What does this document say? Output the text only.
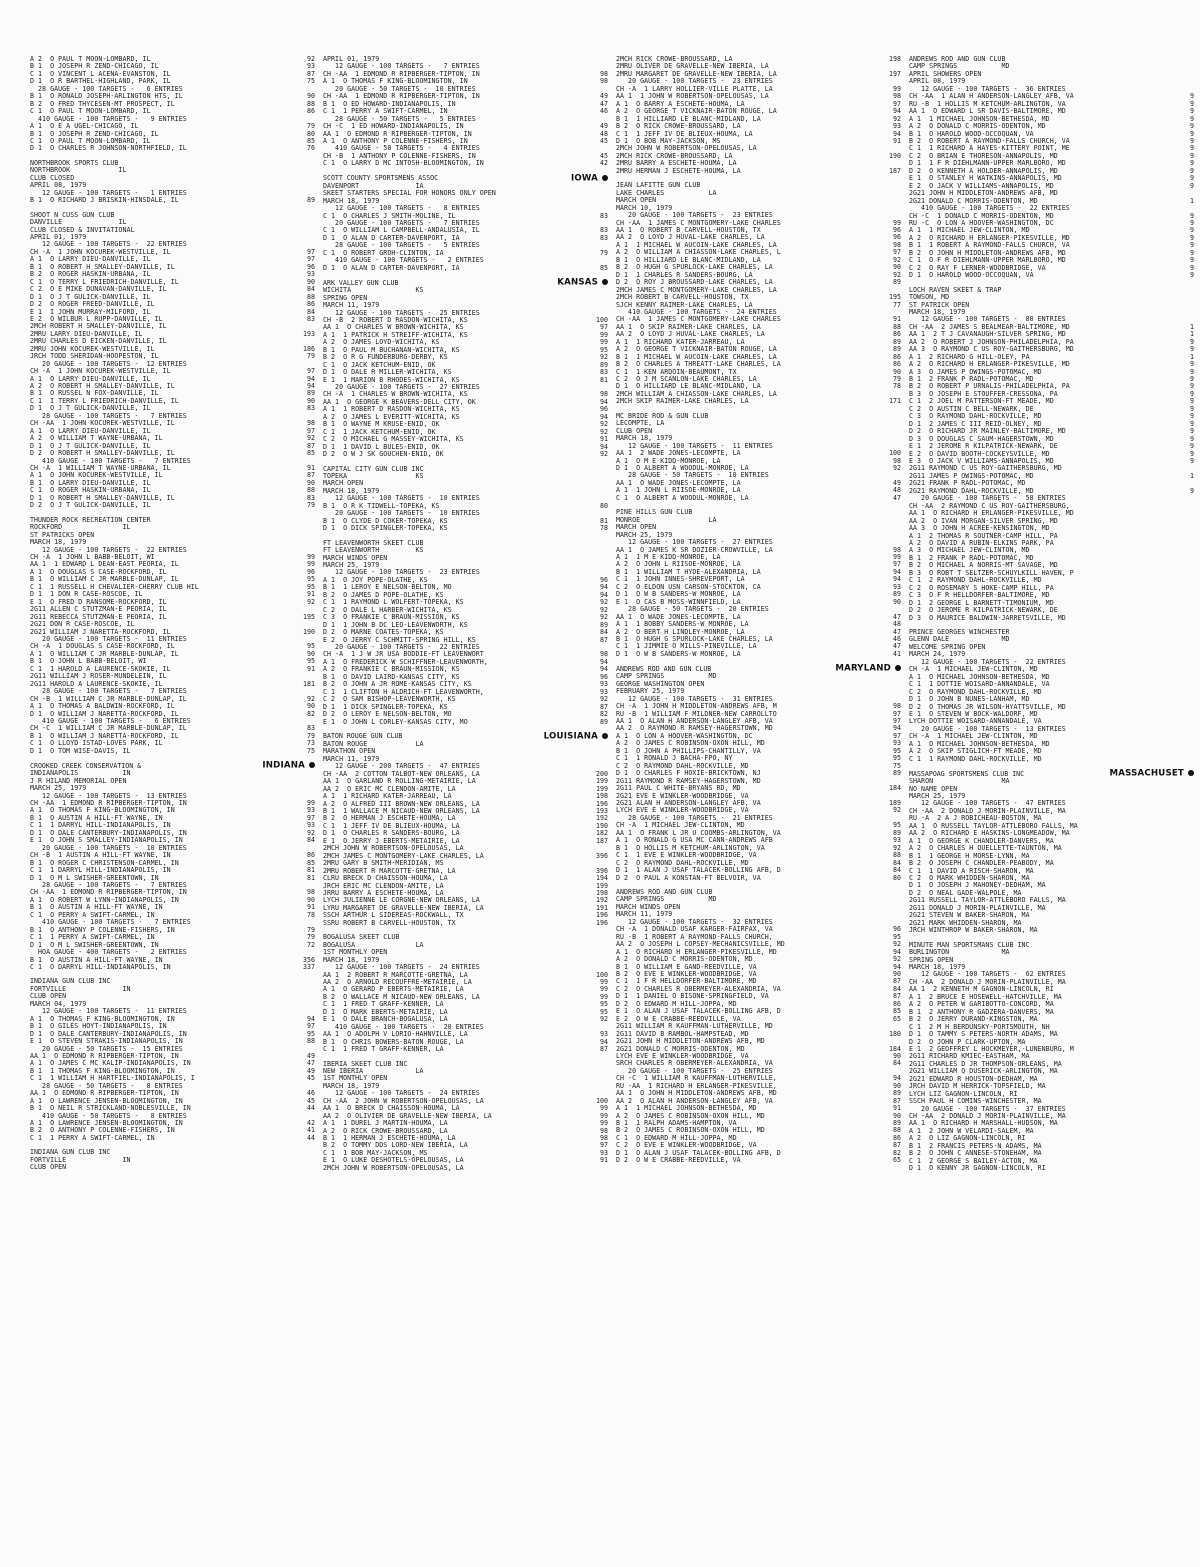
A 2  O PAUL T MOON-LOMBARD, IL	92
B 1  O JOSEPH R ZEND-CHICAGO, IL	93
C 1  O VINCENT L ACENA-EVANSTON, IL	87
D 1  O R BARTHEL-HIGHLAND, PARK, IL	75
28 GAUGE - 100 TARGETS -   6 ENTRIES
B 1  O RONALD JOSEPH-ARLINGTON HTS, IL	90
B 2  O FRED THYCESEN-MT PROSPECT, IL	88
C 1  O PAUL T MOON-LOMBARD, IL	86
410 GAUGE - 100 TARGETS -   9 ENTRIES
A 1  O E A UGEL-CHICAGO, IL	79
B 1  O JOSEPH R ZEND-CHICAGO, IL	80
C 1  O PAUL T MOON-LOMBARD, IL	85
D 1  O CHARLES R JOHNSON-NORTHFIELD, IL	76
NORTHBROOK SPORTS CLUB
NORTHBROOK            IL
CLUB CLOSED
APRIL 08, 1979
12 GAUGE - 100 TARGETS -   1 ENTRIES
B 1  O RICHARD J BRISKIN-HINSDALE, IL	89
SHOOT N CUSS GUN CLUB
DANVILLE              IL
CLUB CLOSED & INVITATIONAL
APRIL 01, 1979
12 GAUGE - 100 TARGETS -  22 ENTRIES
CH -A  1 JOHN KOCUREK-WESTVILLE, IL	97
A 1  O LARRY DIEU-DANVILLE, IL	97
B 1  O ROBERT H SMALLEY-DANVILLE, IL	96
B 2  O ROGER HASKIN-URBANA, IL	93
C 1  O TERRY L FRIEDRICH-DANVILLE, IL	90
C 2  O E MIKE DUNAVAN-DANVILLE, IL	84
D 1  O J T GULICK-DANVILLE, IL	88
D 2  O ROGER FREED-DANVILLE, IL	86
E 1  I JOHN MURRAY-MILFORD, IL	84
E 2  O WILBUR L RUPP-DANVILLE, IL	83
2MCH ROBERT H SMALLEY-DANVILLE, IL
2MRU LARRY DIEU-DANVILLE, IL	193
2MRU CHARLES D EICKEN-DANVILLE, IL
2MRU JOHN KOCUREK-WESTVILLE, IL	186
JRCH TODD SHERIDAN-HOOPESTON, IL	79
20 GAUGE - 100 TARGETS -  12 ENTRIES
CH -A  1 JOHN KOCUREK-WESTVILLE, IL	97
A 1  O LARRY DIEU-DANVILLE, IL	94
A 2  O ROBERT H SMALLEY-DANVILLE, IL	94
B 1  O RUSSEL N FOX-DANVILLE, IL	89
C 1  I TERRY L FRIEDRICH-DANVILLE, IL	90
D 1  O J T GULICK-DANVILLE, IL	83
28 GAUGE - 100 TARGETS -   7 ENTRIES
CH -AA  1 JOHN KOCUREK-WESTVILLE, IL	98
A 1  O LARRY DIEU-DANVILLE, IL	97
A 2  O WILLIAM T WAYNE-URBANA, IL	92
D 1  O J T GULICK-DANVILLE, IL	87
D 2  O ROBERT H SMALLEY-DANVILLE, IL	85
410 GAUGE - 100 TARGETS -   7 ENTRIES
CH -A  1 WILLIAM T WAYNE-URBANA, IL	91
A 1  O JOHN KOCUREK-WESTVILLE, IL	87
B 1  O LARRY DIEU-DANVILLE, IL	90
C 1  O ROGER HASKIN-URBANA, IL	88
D 1  O ROBERT H SMALLEY-DANVILLE, IL	83
D 2  O J T GULICK-DANVILLE, IL	79
THUNDER ROCK RECREATION CENTER
ROCKFORD               IL
ST PATRICKS OPEN
MARCH 18, 1979
12 GAUGE - 100 TARGETS -  22 ENTRIES
CH -A  1 JOHN L BABB-BELOIT, WI	99
AA 1  1 EDWARD L DEAN-EAST PEORIA, IL	99
A 1  O DOUGLAS S CASE-ROCKFORD, IL	96
B 1  O WILLIAM C JR MARBLE-DUNLAP, IL	95
C 1  1 RUSSELL H CHEVALIER-CHERRY CLUB HIL	95
D 1  1 DON R CASE-ROSCOE, IL	91
E 1  O FRED D RANSOME-ROCKFORD, IL	92
2G11 ALLEN C STUTZMAN-E PEORIA, IL
2G11 REBECCA STUTZMAN-E PEORIA, IL	195
2G21 DON R CASE-ROSCOE, IL
2G21 WILLIAM J NARETTA-ROCKFORD, IL	190
20 GAUGE - 100 TARGETS -  11 ENTRIES
CH -A  1 DOUGLAS S CASE-ROCKFORD, IL	95
A 1  O WILLIAM C JR MARBLE-DUNLAP, IL	90
B 1  O JOHN L BABB-BELOIT, WI	95
C 1  1 HAROLD A LAURENCE-SKOKIE, IL	91
2G11 WILLIAM J ROSER-MUNDELEIN, IL
2G11 HAROLD A LAURENCE-SKOKIE, IL	181
28 GAUGE - 100 TARGETS -   7 ENTRIES
CH -B  1 WILLIAM C JR MARBLE-DUNLAP, IL	92
A 1  O THOMAS A BALDWIN-ROCKFORD, IL	90
D 1  O WILLIAM J NARETTA-ROCKFORD, IL	82
410 GAUGE - 100 TARGETS -   6 ENTRIES
CH -C  1 WILLIAM C JR MARBLE-DUNLAP, IL	83
B 1  O WILLIAM J NARETTA-ROCKFORD, IL	79
C 1  O LLOYD ISTAD-LOVES PARK, IL	73
D 1  O TOM WISE-DAVIS, IL	75
CROOKED CREEK CONSERVATION &	INDIANA
INDIANAPOLIS           IN
J R HILAND MEMORIAL OPEN
MARCH 25, 1979
12 GAUGE - 100 TARGETS -  13 ENTRIES
CH -AA  1 EDMOND R RIPBERGER-TIPTON, IN	99
A 1  O THOMAS F KING-BLOOMINGTON, IN	93
B 1  O AUSTIN A HILL-FT WAYNE, IN	97
C 1  1 DARRYL HILL-INDIANAPOLIS, IN	93
D 1  O DALE CANTERBURY-INDIANAPOLIS, IN	92
E 1  O JOHN S SMALLEY-INDIANAPOLIS, IN	84
20 GAUGE - 100 TARGETS -  10 ENTRIES
CH -B  1 AUSTIN A HILL-FT WAYNE, IN	86
B 1  O ROGER C CHRISTENSON-CARMEL, IN	85
C 1  1 DARRYL HILL-INDIANAPOLIS, IN	81
D 1  O M L SWISHER-GREENTOWN, IN	81
28 GAUGE - 100 TARGETS -   7 ENTRIES
CH -AA  1 EDMOND R RIPBERGER-TIPTON, IN	98
A 1  O ROBERT W LYNN-INDIANAPOLIS, IN	90
B 1  O AUSTIN A HILL-FT WAYNE, IN	91
C 1  O PERRY A SWIFT-CARMEL, IN	78
410 GAUGE - 100 TARGETS -   7 ENTRIES
B 1  O ANTHONY P COLENNE-FISHERS, IN	79
C 1  1 PERRY A SWIFT-CARMEL, IN	79
D 1  O M L SWISHER-GREENTOWN, IN	72
HOA GAUGE - 400 TARGETS -   2 ENTRIES
B 1  O AUSTIN A HILL-FT WAYNE, IN	356
C 1  O DARRYL HILL-INDIANAPOLIS, IN	337
INDIANA GUN CLUB INC
FORTVILLE              IN
CLUB OPEN
MARCH 04, 1979
12 GAUGE - 100 TARGETS -  11 ENTRIES
A 1  O THOMAS F KING-BLOOMINGTON, IN	94
B 1  O GILES HOYT-INDIANAPOLIS, IN	97
D 1  O DALE CANTERBURY-INDIANAPOLIS, IN	95
E 1  O STEVEN STRAKIS-INDIANAPOLIS, IN	88
20 GAUGE - 50 TARGETS -  15 ENTRIES
AA 1  O EDMOND R RIPBERGER-TIPTON, IN	49
A 1  O JAMES C MC KALIP-INDIANAPOLIS, IN	47
B 1  1 THOMAS F KING-BLOOMINGTON, IN	49
C 1  1 WILLIAM H HARTFIEL-INDIANAPOLIS, I	45
28 GAUGE - 50 TARGETS -   8 ENTRIES
AA 1  O EDMOND R RIPBERGER-TIPTON, IN	46
A 1  O LAWRENCE JENSEN-BLOOMINGTON, IN	45
B 1  O NEIL R STRICKLAND-NOBLESVILLE, IN	44
410 GAUGE - 50 TARGETS -   8 ENTRIES
A 1  O LAWRENCE JENSEN-BLOOMINGTON, IN	42
B 2  O ANTHONY P COLENNE-FISHERS, IN	41
C 1  1 PERRY A SWIFT-CARMEL, IN	44
INDIANA GUN CLUB INC
FORTVILLE              IN
CLUB OPEN
APRIL 01, 1979
12 GAUGE - 100 TARGETS -   7 ENTRIES
CH -AA  1 EDMOND R RIPBERGER-TIPTON, IN	98
A 1  O THOMAS F KING-BLOOMINGTON, IN	98
20 GAUGE - 50 TARGETS -  10 ENTRIES
CH -AA  1 EDMOND R RIPBERGER-TIPTON, IN	49
B 1  O ED HOWARD-INDIANAPOLIS, IN	47
C 1  1 PERRY A SWIFT-CARMEL, IN	46
28 GAUGE - 50 TARGETS -   5 ENTRIES
CH -C  1 ED HOWARD-INDIANAPOLIS, IN	49
AA 1  O EDMOND R RIPBERGER-TIPTON, IN	48
A 1  O ANTHONY P COLENNE-FISHERS, IN	45
410 GAUGE - 50 TARGETS -   4 ENTRIES
CH -B  1 ANTHONY P COLENNE-FISHERS, IN	45
C 1  O LARRY D MC INTOSH-BLOOMINGTON, IN	42
SCOTT COUNTY SPORTSMENS ASSOC	IOWA
DAVENPORT              IA
SKEET STARTERS SPECIAL FOR HONORS ONLY OPEN
MARCH 18, 1979
12 GAUGE - 100 TARGETS -   8 ENTRIES
C 1  O CHARLES J SMITH-MOLINE, IL	83
20 GAUGE - 100 TARGETS -   7 ENTRIES
C 1  O WILLIAM L CAMPBELL-ANDALUSIA, IL	83
D 1  O ALAN D CARTER-DAVENPORT, IA	83
28 GAUGE - 100 TARGETS -   5 ENTRIES
C 1  O ROBERT GROH-CLINTON, IA	79
410 GAUGE - 100 TARGETS -   2 ENTRIES
D 1  O ALAN D CARTER-DAVENPORT, IA	85
ARK VALLEY GUN CLUB	KANSAS
WICHITA                KS
SPRING OPEN
MARCH 11, 1979
12 GAUGE - 100 TARGETS -  25 ENTRIES
CH -B  2 ROBERT D RASDON-WICHITA, KS	100
AA 1  O CHARLES W BROWN-WICHITA, KS	97
A 1  1 PATRICK H STREIFF-WICHITA, KS	99
A 2  O JAMES LOYD-WICHITA, KS	99
B 1  O PAUL M BUCHANAN-WICHITA, KS	95
B 2  O R G FUNDERBURG-DERBY, KS	92
C 1  O JACK KETCHUM-ENID, OK	89
D 1  O DALE R MILLER-WICHITA, KS	83
E 1  1 MARION B RHODES-WICHITA, KS	81
20 GAUGE - 100 TARGETS -  27 ENTRIES
CH -A  1 CHARLES W BROWN-WICHITA, KS	98
AA 1  O GEORGE K BEAVERS-DELL CITY, OK	94
A 1  1 ROBERT D RASDON-WICHITA, KS	96
A 2  O JAMES L EVERITT-WICHITA, KS	94
B 1  O WAYNE M KRUSE-ENID, OK	92
C 1  1 JACK KETCHUM-ENID, OK	92
C 2  O MICHAEL G MASSEY-WICHITA, KS	91
D 1  1 DAVID L BULES-ENID, OK	94
D 2  O W J SK GOUCHEN-ENID, OK	92
CAPITAL CITY GUN CLUB INC
TOPEKA                 KS
MARCH OPEN
MARCH 18, 1979
12 GAUGE - 100 TARGETS -  10 ENTRIES
B 1  O R K TIDWELL-TOPEKA, KS	80
20 GAUGE - 100 TARGETS -  10 ENTRIES
B 1  O CLYDE D COKER-TOPEKA, KS	81
D 1  O DICK SPINGLER-TOPEKA, KS	78
FT LEAVENWORTH SKEET CLUB
FT LEAVENWORTH         KS
MARCH WINDS OPEN
MARCH 25, 1979
12 GAUGE - 100 TARGETS -  23 ENTRIES
A 1  O JOY POPE-OLATHE, KS	96
B 1  1 LEROY E NELSON-BELTON, MO	94
B 2  O JAMES D POPE-OLATHE, KS	94
C 1  1 RAYMOND L WOLFERT-TOPEKA, KS	92
C 2  O DALE L HARBER-WICHITA, KS	92
C 3  O FRANKIE C BRAUN-MISSION, KS	92
D 1  1 JOHN B DC LEO-LEAVENWORTH, KS	89
D 2  O MARNE COATES-TOPEKA, KS	84
E 2  O JERRY C SCHMITT-SPRING HILL, KS	87
20 GAUGE - 100 TARGETS -  22 ENTRIES
CH -A  1 J W JR USA BODDIE-FT LEAVENWORT	98
A 1  O FREDERICK W SCHIFFNER-LEAVENWORTH,	94
A 2  O FRANKIE C BRAUN-MISSION, KS	94
B 1  O DAVID LAIRD-KANSAS CITY, KS	96
B 2  O JOHN A JR ROME-KANSAS CITY, KS	93
C 1  1 CLIFTON H ALDRICH-FT LEAVENWORTH,	93
C 2  O SAM BISHOP-LEAVENWORTH, KS	92
D 1  1 DICK SPINGLER-TOPEKA, KS	87
D 2  O LEROY E NELSON-BELTON, MO	82
E 1  O JOHN L CORLEY-KANSAS CITY, MO	89
BATON ROUGE GUN CLUB	LOUISIANA
BATON ROUGE            LA
MARATHON OPEN
MARCH 11, 1979
12 GAUGE - 200 TARGETS -  47 ENTRIES
CH -AA  2 COTTON TALBOT-NEW ORLEANS, LA	200
AA 1  O GARLAND R ROLLING-METAIRIE, LA	199
AA 2  O ERIC MC CLENDON-AMITE, LA	199
A 1  1 RICHARD KATER-JARREAU, LA	198
A 2  O ALFRED III BROWN-NEW ORLEANS, LA	196
B 1  1 WALLACE M NICAUD-NEW ORLEANS, LA	193
B 2  O HERMAN J ESCHETE-HOUMA, LA	192
C 1  1 JEFF IV DE BLIEUX-HOUMA, LA	190
D 1  O CHARLES R SANDERS-BOURG, LA	182
E 1  O JERRY J EBERTS-METAIRIE, LA	187
2MCH JOHN W ROBERTSON-OPELOUSAS, LA
2MCH JAMES C MONTGOMERY-LAKE CHARLES, LA	396
2MRU GARY B SMITH-MERIDIAN, MS
2MRU ROBERT R MARCOTTE-GRETNA, LA	396
CLRU BRECK D CHAISSON-HOUMA, LA	194
JRCH ERIC MC CLENDON-AMITE, LA	199
JRRU BARRY A ESCHETE-HOUMA, LA	198
LYCH JULIENNE LE CORGNE-NEW ORLEANS, LA	192
LYRU MARGARET DE GRAVELLE-NEW IBERIA, LA	191
SSCH ARTHUR L SIDEREAS-ROCKWALL, TX	196
SSRU ROBERT B CARVELL-HOUSTON, TX	196
BOGALUSA SKEET CLUB
BOGALUSA               LA
1ST MONTHLY OPEN
MARCH 18, 1979
12 GAUGE - 100 TARGETS -  24 ENTRIES
AA 1  2 ROBERT R MARCOTTE-GRETNA, LA	100
AA 2  O ARNOLD RECOUFFRE-METAIRIE, LA	99
A 1  O GERARD P EBERTS-METAIRIE, LA	99
B 2  O WALLACE M NICAUD-NEW ORLEANS, LA	99
C 1  1 FRED T GRAFF-KENNER, LA	95
D 1  O MARK EBERTS-METAIRIE, LA	95
E 1  O DALE BRANCH-BOGALUSA, LA	92
410 GAUGE - 100 TARGETS -  20 ENTRIES
AA 1  O ADOLPH V LORIO-HAHNVILLE, LA	93
B 1  O CHRIS BOWERS-BATON ROUGE, LA	94
C 1  1 FRED T GRAFF-KENNER, LA	87
IBERIA SKEET CLUB INC
NEW IBERIA             LA
1ST MONTHLY OPEN
MARCH 18, 1979
12 GAUGE - 100 TARGETS -  24 ENTRIES
CH -AA  2 JOHN W ROBERTSON-OPELOUSAS, LA	100
AA 1  O BRECK D CHAISSON-HOUMA, LA	99
AA 2  O OLIVIER DE GRAVELLE-NEW IBERIA, LA	99
A 1  1 DUREL J MARTIN-HOUMA, LA	99
A 2  O RICK CROWE-BROUSSARD, LA	98
B 1  1 HERMAN J ESCHETE-HOUMA, LA	98
B 2  O TOMMY DDS LORD-NEW IBERIA, LA	97
C 1  1 BOB MAY-JACKSON, MS	93
E 1  O LUKE DESHOTELS-OPELOUSAS, LA	91
2MCH JOHN W ROBERTSON-OPELOUSAS, LA
2MCH RICK CROWE-BROUSSARD, LA	198
2MRU OLIVER DE GRAVELLE-NEW IBERIA, LA
2MRU MARGARET DE GRAVELLE-NEW IBERIA, LA	197
20 GAUGE - 100 TARGETS -  23 ENTRIES
CH -A  1 LARRY HOLLIER-VILLE PLATTE, LA	99
AA 1  1 JOHN W ROBERTSON-OPELOUSAS, LA	98
A 1  O BARRY A ESCHETE-HOUMA, LA	97
A 2  O GEORGE T VICKNAIR-BATON ROUGE, LA	94
B 1  1 HILLIARD LE BLANC-MIDLAND, LA	92
B 2  O RICK CROWE-BROUSSARD, LA	93
C 1  1 JEFF IV DE BLIEUX-HOUMA, LA	94
D 1  O BOB MAY-JACKSON, MS	91
2MCH JOHN W ROBERTSON-OPELOUSAS, LA
2MCH RICK CROWE-BROUSSARD, LA	190
2MRU BARRY A ESCHETE-HOUMA, LA
2MRU HERMAN J ESCHETE-HOUMA, LA	187
JEAN LAFITTE GUN CLUB
LAKE CHARLES           LA
MARCH OPEN
MARCH 10, 1979
20 GAUGE - 100 TARGETS -  23 ENTRIES
CH -AA  1 JAMES C MONTGOMERY-LAKE CHARLES	99
AA 1  O ROBERT B CARVELL-HOUSTON, TX	96
AA 2  O LOYD J HUVAL-LAKE CHARLES, LA	96
A 1  1 MICHAEL W AUCOIN-LAKE CHARLES, LA	98
A 2  O WILLIAM A CHIASSON-LAKE CHARLES, L	97
B 1  O HILLIARD LE BLANC-MIDLAND, LA	92
B 2  O HUGH G SPURLOCK-LAKE CHARLES, LA	90
D 1  1 CHARLES R SANDERS-BOURG, LA	92
D 2  O ROY J BROUSSARD-LAKE CHARLES, LA	89
2MCH JAMES C MONTGOMERY-LAKE CHARLES, LA
2MCH ROBERT B CARVELL-HOUSTON, TX	195
SJCH KENNY RAIMER-LAKE CHARLES, LA	77
410 GAUGE - 100 TARGETS -  24 ENTRIES
CH -AA  1 JAMES C MONTGOMERY-LAKE CHARLES	91
AA 1  O SKIP RAIMER-LAKE CHARLES, LA	88
AA 2  O LOYD J HUVAL-LAKE CHARLES, LA	86
A 1  1 RICHARD KATER-JARREAU, LA	89
A 2  O GEORGE T VICKNAIR-BATON ROUGE, LA	89
B 1  1 MICHAEL W AUCOIN-LAKE CHARLES, LA	86
B 2  O CHARLES A THREATT-LAKE CHARLES, LA	86
C 1  1 KEN ARDOIN-BEAUMONT, TX	90
C 2  O J M SCANLON-LAKE CHARLES, LA	79
D 1  O HILLIARD LE BLANC-MIDLAND, LA	78
2MCH WILLIAM A CHIASSON-LAKE CHARLES, LA
2MCH SKIP RAIMER-LAKE CHARLES, LA	171
MC BRIDE ROD & GUN CLUB
LECOMPTE, LA
CLUB OPEN
MARCH 18, 1979
12 GAUGE - 100 TARGETS -  11 ENTRIES
AA 1  2 WADE JONES-LECOMPTE, LA	100
A 1  O M E KIDD-MONROE, LA	98
D 1  O ALBERT A WOODUL-MONROE, LA	92
28 GAUGE - 50 TARGETS -  10 ENTRIES
AA 1  O WADE JONES-LECOMPTE, LA	49
A 1  1 JOHN L RIISOE-MONROE, LA	48
C 1  O ALBERT A WOODUL-MONROE, LA	47
PINE HILLS GUN CLUB
MONROE                 LA
MARCH OPEN
MARCH 25, 1979
12 GAUGE - 100 TARGETS -  27 ENTRIES
AA 1  O JAMES K SR DOZIER-CROWVILLE, LA	98
A 1  1 M E KIDD-MONROE, LA	99
A 2  O JOHN L RIISOE-MONROE, LA	97
B 1  1 WILLIAM T HYDE-ALEXANDRIA, LA	94
C 1  1 JOHN INNES-SHREVEPORT, LA	94
C 2  O ELDON USN CARSON-STOCKTON, CA	93
D 1  O W B SANDERS-W MONROE, LA	89
E 1  O CAS B MOSS-WINNFIELD, LA	90
28 GAUGE - 50 TARGETS -  20 ENTRIES
AA 1  O WADE JONES-LECOMPTE, LA	47
A 1  1 BOBBY SANDERS-W MONROE, LA	48
A 2  O BERT H LINDLEY-MONROE, LA	47
B 1  O HUGH G SPURLOCK-LAKE CHARLES, LA	46
C 1  1 JIMMIE O MILLS-PINEVILLE, LA	47
D 1  O W B SANDERS-W MONROE, LA	41
ANDREWS ROD AND GUN CLUB	MARYLAND
CAMP SPRINGS           MD
GEORGE WASHINGTON OPEN
FEBRUARY 25, 1979
12 GAUGE - 100 TARGETS -  31 ENTRIES
CH -A  1 JOHN H MIDDLETON-ANDREWS AFB, M	98
RU -B  1 WILLIAM F MILDNER-NEW CARROLLTO	97
AA 1  O ALAN H ANDERSON-LANGLEY AFB, VA	97
AA 2  O RAYMOND R RAMSEY-HAGERSTOWN, MD	94
A 1  O LON A HOOVER-WASHINGTON, DC	97
A 2  O JAMES C ROBINSON-OXON HILL, MD	93
B 1  O JOHN A PHILLIPS-CHANTILLY, VA	95
C 1  1 RONALD J BACHA-FPO, NY	95
C 2  O RAYMOND DAHL-ROCKVILLE, MD	75
D 1  O CHARLES F HOXIE-BRICKTOWN, NJ	89
2G11 RAYMOND R RAMSEY-HAGERSTOWN, MD
2G11 PAUL C WHITE-BRYANS RD, MD	184
2G21 EVE E WINKLER-WOODBRIDGE, VA
2G21 ALAN H ANDERSON-LANGLEY AFB, VA	189
LYCH EVE E WINKLER-WOODBRIDGE, VA	92
28 GAUGE - 100 TARGETS -  21 ENTRIES
CH -A  1 MICHAEL JEW-CLINTON, MD	95
AA 1  O FRANK L JR U COOMBS-ARLINGTON, VA	89
A 1  O RONALD G USA MC CANN-ANDREWS AFB	93
B 1  O HOLLIS M KETCHUM-ARLINGTON, VA	92
C 1  1 EVE E WINKLER-WOODBRIDGE, VA	88
C 2  O RAYMOND DAHL-ROCKVILLE, MD	84
D 1  1 ALAN J USAF TALACEK-BOLLING AFB, D	84
D 2  O PAUL A KONSTAN-FT BELVOIR, VA	80
ANDREWS ROD AND GUN CLUB
CAMP SPRINGS           MD
MARCH WINDS OPEN
MARCH 11, 1979
12 GAUGE - 100 TARGETS -  32 ENTRIES
CH -A  1 DONALD USAF KARGER-FAIRFAX, VA	96
RU -B  1 ROBERT A RAYMOND-FALLS CHURCH,	95
AA 2  O JOSEPH L COPSEY-MECHANICSVILLE, MD	92
A 1  O RICHARD H ERLANGER-PIKESVILLE, MD	94
A 2  O DONALD C MORRIS-ODENTON, MD	92
B 1  O WILLIAM E GAND-REEDVILLE, VA	94
B 2  O EVE E WINKLER-WOODBRIDGE, VA	90
C 1  1 F R HELLDORFER-BALTIMORE, MD	87
C 2  O CHARLES R OBERMEYER-ALEXANDRIA, VA	84
D 1  1 DANIEL O BISONE-SPRINGFIELD, VA	87
D 2  O EDWARD M HILL-JOPPA, MD	86
E 1  O ALAN J USAF TALACEK-BOLLING AFB, D	85
E 2  O W E CRABBE-REEDVILLE, VA	65
2G11 WILLIAM R KAUFFMAN-LUTHERVILLE, MD
2G11 DAVID B RAMBOL-HAMPSTEAD, MD	180
2G21 JOHN H MIDDLETON-ANDREWS AFB, MD
2G21 DONALD C MORRIS-ODENTON, MD	184
LYCH EVE E WINKLER-WOODBRIDGE, VA	90
SRCH CHARLES R OBERMEYER-ALEXANDRIA, VA	84
20 GAUGE - 100 TARGETS -  25 ENTRIES
CH -C  1 WILLIAM R KAUFFMAN-LUTHERVILLE,	94
RU -AA  1 RICHARD H ERLANGER-PIKESVILLE,	90
AA 1  O JOHN H MIDDLETON-ANDREWS AFB, MD	89
AA 2  O ALAN H ANDERSON-LANGLEY AFB, VA	87
A 1  1 MICHAEL JOHNSON-BETHESDA, MD	91
A 2  O JAMES C ROBINSON-OXON HILL, MD	90
B 1  1 RALPH ADAMS-HAMPTON, VA	89
B 2  O JAMES C ROBINSON-OXON HILL, MD	88
C 1  O EDWARD M HILL-JOPPA, MD	86
C 2  O EVE E WINKLER-WOODBRIDGE, VA	87
D 1  O ALAN J USAF TALACEK-BOLLING AFB, D	82
D 2  O W E CRABBE-REEDVILLE, VA	65
ANDREWS ROD AND GUN CLUB
CAMP SPRINGS           MD
APRIL SHOWERS OPEN
APRIL 08, 1979
12 GAUGE - 100 TARGETS -  36 ENTRIES
CH -AA  1 ALAN H ANDERSON-LANGLEY AFB, VA	9
RU -B  1 HOLLIS M KETCHUM-ARLINGTON, VA	9
AA 1  O EDWARD L SR DAVIS-BALTIMORE, MD	9
A 1  1 MICHAEL JOHNSON-BETHESDA, MD	9
A 2  O DONALD C MORRIS-ODENTON, MD	9
B 1  O HAROLD WOOD-OCCOQUAN, VA	9
B 2  O ROBERT A RAYMOND-FALLS CHURCH, VA	9
C 1  1 RICHARD A HAYES-KITTERY POINT, ME	9
C 2  O BRIAN E THORESON-ANNAPOLIS, MD	9
D 1  1 F R DIEHLMANN-UPPER MARLBORO, MD	9
D 2  O KENNETH A HOLDER-ANNAPOLIS, MD	9
E 1  O STANLEY H WATKINS-ANNAPOLIS, MD	9
E 2  O JACK V WILLIAMS-ANNAPOLIS, MD	9
2G21 JOHN H MIDDLETON-ANDREWS AFB, MD
2G21 DONALD C MORRIS-ODENTON, MD	1
410 GAUGE - 100 TARGETS -  22 ENTRIES
CH -C  1 DONALD C MORRIS-ODENTON, MD	9
RU -C  O LON A HOOVER-WASHINGTON, DC	9
A 1  1 MICHAEL JEW-CLINTON, MD	9
A 2  O RICHARD H ERLANGER-PIKESVILLE, MD	9
B 1  1 ROBERT A RAYMOND-FALLS CHURCH, VA	9
B 2  O JOHN H MIDDLETON-ANDREWS AFB, MD	9
C 1  O F R DIEHLMANN-UPPER MARLBORO, MD	9
C 2  O RAY F LERNER-WOODBRIDGE, VA	9
D 1  O HAROLD WOOD-OCCOQUAN, VA	9
LOCH RAVEN SKEET & TRAP
TOWSON, MD
ST PATRICK OPEN
MARCH 18, 1979
12 GAUGE - 100 TARGETS -  80 ENTRIES
CH -AA  2 JAMES S BEALMEAR-BALTIMORE, MD	1
AA 1  2 T J CAVANAUGH-SILVER SPRING, MD	1
AA 2  O ROBERT J JOHNSON-PHILADELPHIA, PA	9
AA 3  O RAYMOND C US ROY-GAITHERSBURG, MD	9
A 1  2 RICHARD G HILL-OLEY, PA	1
A 2  O RICHARD H ERLANGER-PIKESVILLE, MD	9
A 3  O JAMES P OWINGS-POTOMAC, MD	9
B 1  2 FRANK P RADL-POTOMAC, MD	9
B 2  O ROBERT P URNALIS-PHILADELPHIA, PA	9
B 3  O JOSEPH E STOUFFER-CRESSONA, PA	9
C 1  2 JOEL M PATTERSON-FT MEADE, MD	9
C 2  O AUSTIN C BELL-NEWARK, DE	9
C 3  O RAYMOND DAHL-ROCKVILLE, MD	9
D 1  2 JAMES C III REID-OLNEY, MD	9
D 2  O RICHARD JR MAINLEY-BALTIMORE, MD	9
D 3  O DOUGLAS C SAUM-HAGERSTOWN, MD	9
E 1  2 JEROME R KILPATRICK-NEWARK, DE	9
E 2  O DAVID BOOTH-COCKEYSVILLE, MD	9
E 3  O JACK V WILLIAMS-ANNAPOLIS, MD	9
2G11 RAYMOND C US ROY-GAITHERSBURG, MD
2G11 JAMES P OWINGS-POTOMAC, MD	1
2G21 FRANK P RADL-POTOMAC, MD
2G21 RAYMOND DAHL-ROCKVILLE, MD	9
20 GAUGE - 100 TARGETS -  58 ENTRIES
CH -AA  2 RAYMOND C US ROY-GAITHERSBURG,
AA 1  O RICHARD H ERLANGER-PIKESVILLE, MD
AA 2  O IVAN MORGAN-SILVER SPRING, MD
AA 3  O JOHN H ACREE-KENSINGTON, MD
A 1  2 THOMAS R SOUTNER-CAMP HILL, PA
A 2  O DAVID A RUBIN-ELKINS PARK, PA
A 3  O MICHAEL JEW-CLINTON, MD
B 1  2 FRANK P RADL-POTOMAC, MD
B 2  O MICHAEL A NORRIS-MT SAVAGE, MD
B 3  O ROBT T SELTZER-SCHUYLKILL HAVEN, P
C 1  2 RAYMOND DAHL-ROCKVILLE, MD
C 2  O ROSEMARY S HOKE-CAMP HILL, PA
C 3  O F R HELLDORFER-BALTIMORE, MD
D 1  2 GEORGE L BARNETT-TIMONIUM, MD
D 2  O JEROME R KILPATRICK-NEWARK, DE
D 3  O MAURICE BALDWIN-JARRETSVILLE, MD
PRINCE GEORGES WINCHESTER
GLENN DALE             MD
WELCOME SPRING OPEN
MARCH 24, 1979
12 GAUGE - 100 TARGETS -  22 ENTRIES
CH -A  1 MICHAEL JEW-CLINTON, MD
A 1  O MICHAEL JOHNSON-BETHESDA, MD
C 1  1 DOTTIE WOISARD-ANNANDALE, VA
C 2  O RAYMOND DAHL-ROCKVILLE, MD
D 1  O JOHN B NUNES-LANHAM, MD
D 2  O THOMAS JR WILSON-HYATTSVILLE, MD
E 1  O STEVEN W BOCK-WALDORF, MD
LYCH DOTTIE WOISARD-ANNANDALE, VA
20 GAUGE - 100 TARGETS -  13 ENTRIES
CH -A  1 MICHAEL JEW-CLINTON, MD
A 1  O MICHAEL JOHNSON-BETHESDA, MD
A 2  O SKIP STIGLICH-FT MEADE, MD
C 1  1 RAYMOND DAHL-ROCKVILLE, MD
MASSAPOAG SPORTSMENS CLUB INC	MASSACHUSET
SHARON                 MA
NO NAME OPEN
MARCH 25, 1979
12 GAUGE - 100 TARGETS -  47 ENTRIES
CH -AA  2 DONALD J MORIN-PLAINVILLE, MA
RU -A  2 A J ROBICHEAU-BOSTON, MA
AA 1  O RUSSELL TAYLOR-ATTLEBORO FALLS, MA
AA 2  O RICHARD E HASKINS-LONGMEADOW, MA
A 1  O GEORGE K CHANDLER-DANVERS, MA
A 2  O CHARLES H OUELLETTE-TAUNTON, MA
B 1  1 GEORGE H MORSE-LYNN, MA
B 2  O JOSEPH C CHANDLER-PEABODY, MA
C 1  1 DAVID A RISCH-SHARON, MA
C 2  O MARK WHIDDEN-SHARON, MA
D 1  O JOSEPH J MAHONEY-DEDHAM, MA
D 2  O NEAL GADE-WALPOLE, MA
2G11 RUSSELL TAYLOR-ATTLEBORO FALLS, MA
2G11 DONALD J MORIN-PLAINVILLE, MA
2G21 STEVEN W BAKER-SHARON, MA
2G21 MARK WHIDDEN-SHARON, MA
JRCH WINTHROP W BAKER-SHARON, MA
MINUTE MAN SPORTSMANS CLUB INC
BURLINGTON             MA
SPRING OPEN
MARCH 18, 1979
12 GAUGE - 100 TARGETS -  62 ENTRIES
CH -AA  2 DONALD J MORIN-PLAINVILLE, MA
AA 1  2 KENNETH M GAGNON-LINCOLN, RI
A 1  2 BRUCE E HOSEWELL-HATCHVILLE, MA
A 2  O PETER W GARIBOTTO-CONCORD, MA
B 1  2 ANTHONY R GADZERA-DANVERS, MA
B 2  O JERRY DURAND-KINGSTON, MA
C 1  2 M H BERDUNSKY-PORTSMOUTH, NH
D 1  O TAMMY S PETERS-NORTH ADAMS, MA
D 2  O JOHN P CLARK-UPTON, MA
E 1  2 GEOFFREY L HOCKMEYER,-LUNENBURG, M
2G11 RICHARD KMIEC-EASTHAM, MA
2G11 CHARLES D JR THOMPSON-ORLEANS, MA
2G21 WILLIAM Q DUSERICK-ARLINGTON, MA
2G21 EDWARD R HOUSTON-DEDHAM, MA
JRCH DAVID M HERRICK-TOPSFIELD, MA
LYCH LIZ GAGNON-LINCOLN, RI
SSCH PAUL H COMINS-WINCHESTER, MA
20 GAUGE - 100 TARGETS -  37 ENTRIES
CH -AA  2 DONALD J MORIN-PLAINVILLE, MA
AA 1  O RICHARD H MARSHALL-HUDSON, MA
A 1  2 JOHN W VELARDI-SALEM, MA
A 2  O LIZ GAGNON-LINCOLN, RI
B 1  2 FRANCIS PETERS-N ADAMS, MA
B 2  O JOHN C ANNESE-STONEHAM, MA
C 1  2 GEORGE S BAILEY-ACTON, MA
D 1  O KENNY JR GAGNON-LINCOLN, RI
